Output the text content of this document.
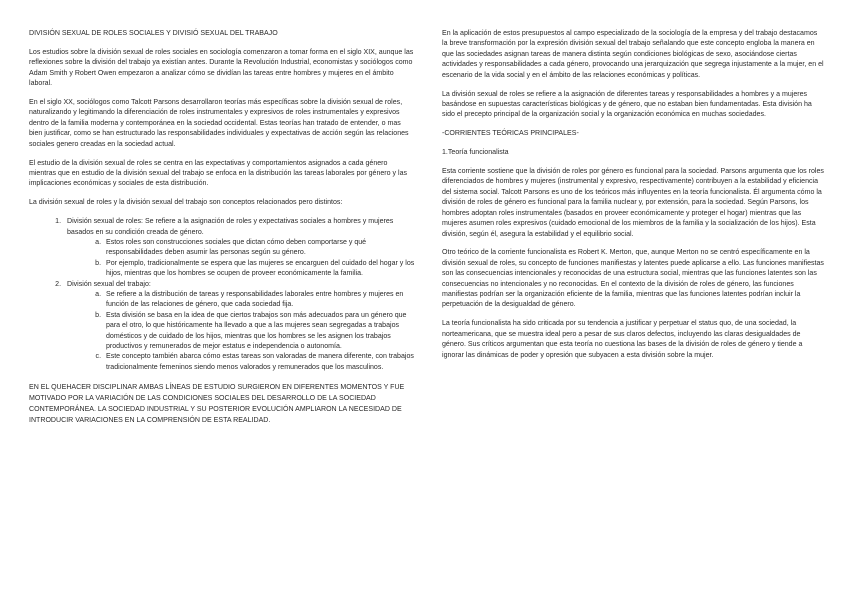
DIVISIÓN SEXUAL DE ROLES SOCIALES Y DIVISIÓ SEXUAL DEL TRABAJO

Los estudios sobre la división sexual de roles sociales en sociología comenzaron a tomar forma en el siglo XIX, aunque las reflexiones sobre la división del trabajo ya existían antes. Durante la Revolución Industrial, economistas y sociólogos como Adam Smith y Robert Owen empezaron a analizar cómo se dividían las tareas entre hombres y mujeres en el ámbito laboral.

En el siglo XX, sociólogos como Talcott Parsons desarrollaron teorías más específicas sobre la división sexual de roles, naturalizando y legitimando la diferenciación de roles instrumentales y expresivos de roles instrumentales y expresivos dentro de la familia moderna y contemporánea en la sociedad occidental. Estas teorías han tratado de entender, o mas bien justificar, como se han estructurado las responsabilidades individuales y expectativas de acción según las relaciones sociales genero creadas en la sociedad actual.

El estudio de la división sexual de roles se centra en las expectativas y comportamientos asignados a cada género mientras que en estudio de la división sexual del trabajo se enfoca en la distribución las tareas laborales por género y las implicaciones económicas y sociales de esta distribución.

La división sexual de roles y la división sexual del trabajo son conceptos relacionados pero distintos:

1. División sexual de roles: Se refiere a la asignación de roles y expectativas sociales a hombres y mujeres basados en su condición creada de género.
a. Estos roles son construcciones sociales que dictan cómo deben comportarse y qué responsabilidades deben asumir las personas según su género.
b. Por ejemplo, tradicionalmente se espera que las mujeres se encarguen del cuidado del hogar y los hijos, mientras que los hombres se ocupen de proveer económicamente la familia.
2. División sexual del trabajo:
a. Se refiere a la distribución de tareas y responsabilidades laborales entre hombres y mujeres en función de las relaciones de género, que cada sociedad fija.
b. Esta división se basa en la idea de que ciertos trabajos son más adecuados para un género que para el otro, lo que históricamente ha llevado a que a las mujeres sean segregadas a trabajos domésticos y de cuidado de los hijos, mientras que los hombres se les asignen los trabajos productivos y remunerados de mejor estatus e independencia o autonomía.
c. Este concepto también abarca cómo estas tareas son valoradas de manera diferente, con trabajos tradicionalmente femeninos siendo menos valorados y remunerados que los masculinos.

EN EL QUEHACER DISCIPLINAR AMBAS LÍNEAS DE ESTUDIO SURGIERON EN DIFERENTES MOMENTOS Y FUE MOTIVADO POR LA VARIACIÓN DE LAS CONDICIONES SOCIALES DEL DESARROLLO DE LA SOCIEDAD CONTEMPORÁNEA. LA SOCIEDAD INDUSTRIAL Y SU POSTERIOR EVOLUCIÓN AMPLIARON LA NECESIDAD DE INTRODUCIR VARIACIONES EN LA COMPRENSIÓN DE ESTA REALIDAD.

En la aplicación de estos presupuestos al campo especializado de la sociología de la empresa y del trabajo destacamos la breve transformación por la expresión división sexual del trabajo señalando que este concepto engloba la manera en que las sociedades asignan tareas de manera distinta según condiciones biológicas de sexo, asociándose ciertas actividades y responsabilidades a cada género, provocando una jerarquización que segrega injustamente a la mujer, en el escenario de la vida social y en el ámbito de las relaciones económicas y políticas.

La división sexual de roles se refiere a la asignación de diferentes tareas y responsabilidades a hombres y a mujeres basándose en supuestas características biológicas y de género, que no estaban bien fundamentadas. Esta división ha sido el precepto principal de la organización social y la organización económica en muchas sociedades.

-CORRIENTES TEÓRICAS PRINCIPALES-

1.Teoría funcionalista

Esta corriente sostiene que la división de roles por género es funcional para la sociedad. Parsons argumenta que los roles diferenciados de hombres y mujeres (instrumental y expresivo, respectivamente) contribuyen a la estabilidad y eficiencia del sistema social. Talcott Parsons es uno de los teóricos más influyentes en la teoría funcionalista. Él argumenta cómo la división de roles de género es funcional para la familia nuclear y, por extensión, para la sociedad. Según Parsons, los hombres adoptan roles instrumentales (basados en proveer económicamente y proteger el hogar) mientras que las mujeres asumen roles expresivos (cuidado emocional de los miembros de la familia y la socialización de los hijos). Esta división, según él, asegura la estabilidad y el equilibrio social.

Otro teórico de la corriente funcionalista es Robert K. Merton, que, aunque Merton no se centró específicamente en la división sexual de roles, su concepto de funciones manifiestas y latentes puede aplicarse a ello. Las funciones manifiestas son las consecuencias intencionales y reconocidas de una estructura social, mientras que las funciones latentes son las consecuencias no intencionales y no reconocidas. En el contexto de la división de roles de género, las funciones manifiestas podrían ser la organización eficiente de la familia, mientras que las funciones latentes podrían incluir la perpetuación de la desigualdad de género.

La teoría funcionalista ha sido criticada por su tendencia a justificar y perpetuar el status quo, de una sociedad, la norteamericana, que se muestra ideal pero a pesar de sus claros defectos, incluyendo las claras desigualdades de género. Sus críticos argumentan que esta teoría no cuestiona las bases de la división de roles de género y tiende a ignorar las dinámicas de poder y opresión que subyacen a esta división sobre la mujer.
